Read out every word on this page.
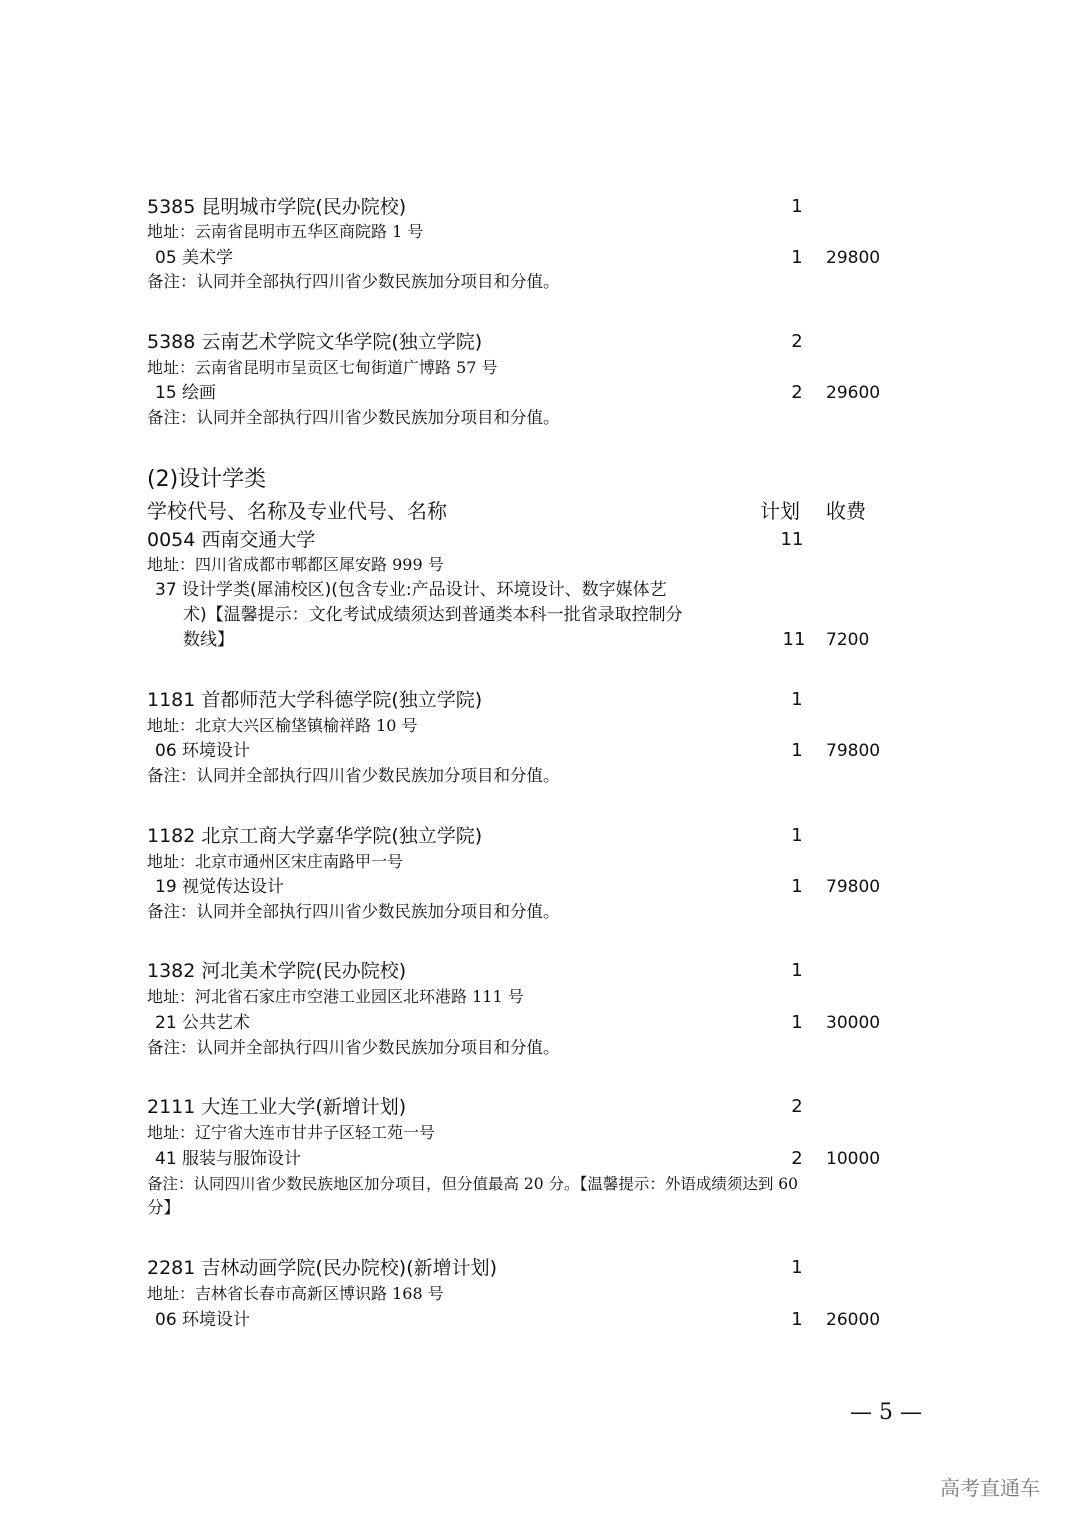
5385 昆明城市学院(民办院校)	1
地址：云南省昆明市五华区商院路 1 号
05 美术学	1	29800
备注：认同并全部执行四川省少数民族加分项目和分值。
5388 云南艺术学院文华学院(独立学院)	2
地址：云南省昆明市呈贡区七甸街道广博路 57 号
15 绘画	2	29600
备注：认同并全部执行四川省少数民族加分项目和分值。
(2)设计学类
学校代号、名称及专业代号、名称	计划 收费
0054 西南交通大学	11
地址：四川省成都市郫都区犀安路 999 号
37 设计学类(犀浦校区)(包含专业:产品设计、环境设计、数字媒体艺
术)【温馨提示：文化考试成绩须达到普通类本科一批省录取控制分
数线】	11	7200
1181 首都师范大学科德学院(独立学院)	1
地址：北京大兴区榆垡镇榆祥路 10 号
06 环境设计	1	79800
备注：认同并全部执行四川省少数民族加分项目和分值。
1182 北京工商大学嘉华学院(独立学院)	1
地址：北京市通州区宋庄南路甲一号
19 视觉传达设计	1	79800
备注：认同并全部执行四川省少数民族加分项目和分值。
1382 河北美术学院(民办院校)	1
地址：河北省石家庄市空港工业园区北环港路 111 号
21 公共艺术	1	30000
备注：认同并全部执行四川省少数民族加分项目和分值。
2111 大连工业大学(新增计划)	2
地址：辽宁省大连市甘井子区轻工苑一号
41 服装与服饰设计	2	10000
备注：认同四川省少数民族地区加分项目，但分值最高 20 分。【温馨提示：外语成绩须达到 60
分】
2281 吉林动画学院(民办院校)(新增计划)	1
地址：吉林省长春市高新区博识路 168 号
06 环境设计	1	26000
— 5 —
高考直通车
